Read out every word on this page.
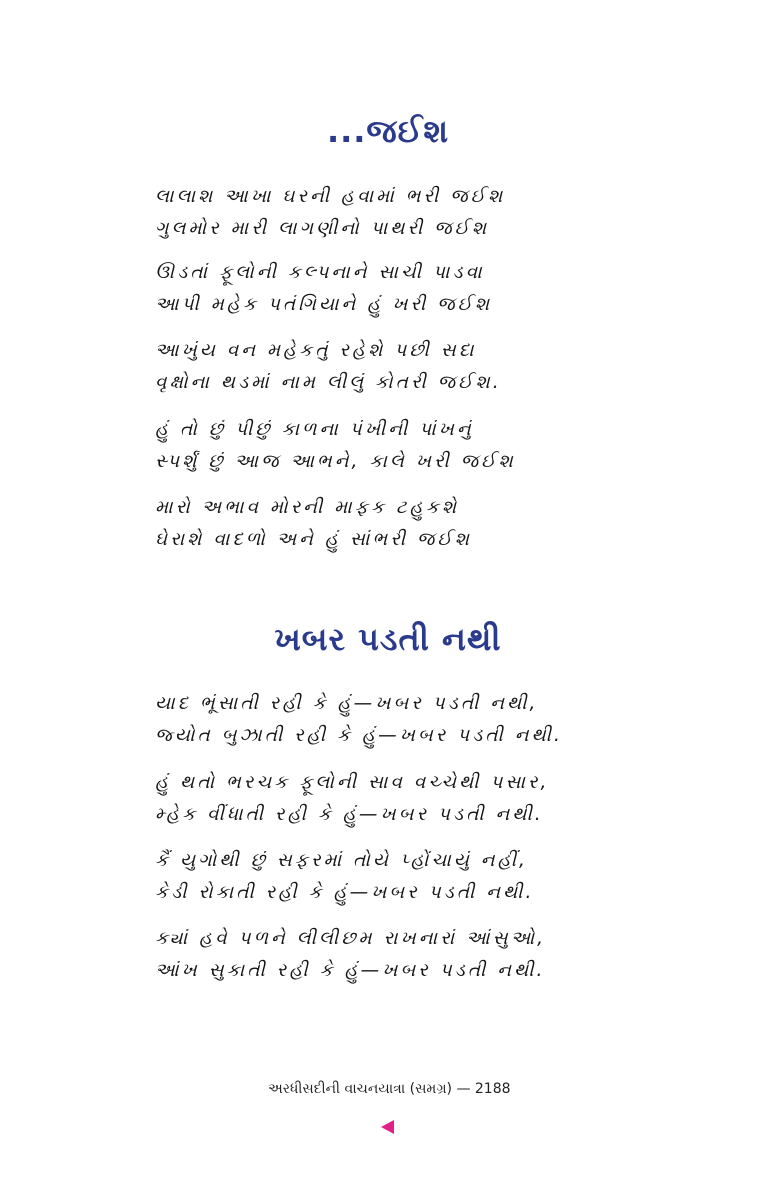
...જઈશ
લાલાશ આખા ઘરની હવામાં ભરી જઈશ
ગુલમોર મારી લાગણીનો પાથરી જઈશ
ઊડતાં ફૂલોની કલ્પનાને સાચી પાડવા
આપી મહેક પતંગિયાને હું ખરી જઈશ
આખુંય વન મહેકતું રહેશે પછી સદા
વૃક્ષોના થડમાં નામ લીલું કોતરી જઈશ.
હું તો છું પીછું કાળના પંખીની પાંખનું
સ્પર્શું છું આજ આભને, કાલે ખરી જઈશ
મારો અભાવ મોરની માફક ટહુકશે
ઘેરાશે વાદળો અને હું સાંભરી જઈશ
ખબર પડતી નથી
યાદ ભૂંસાતી રહી કે હું—ખબર પડતી નથી,
જ્યોત બુઝાતી રહી કે હું—ખબર પડતી નથી.
હું થતો ભરચક ફૂલોની સાવ વચ્ચેથી પસાર,
મ્હેક વીંધાતી રહી કે હું—ખબર પડતી નથી.
કૈં યુગોથી છું સફરમાં તોયે પ્હોંચાયું નહીં,
કેડી રોકાતી રહી કે હું—ખબર પડતી નથી.
ક્યાં હવે પળને લીલીછમ રાખનારાં આંસુઓ,
આંખ સુકાતી રહી કે હું—ખબર પડતી નથી.
અરધીસદીની વાચનયાત્રા (સમગ્ર) — 2188
